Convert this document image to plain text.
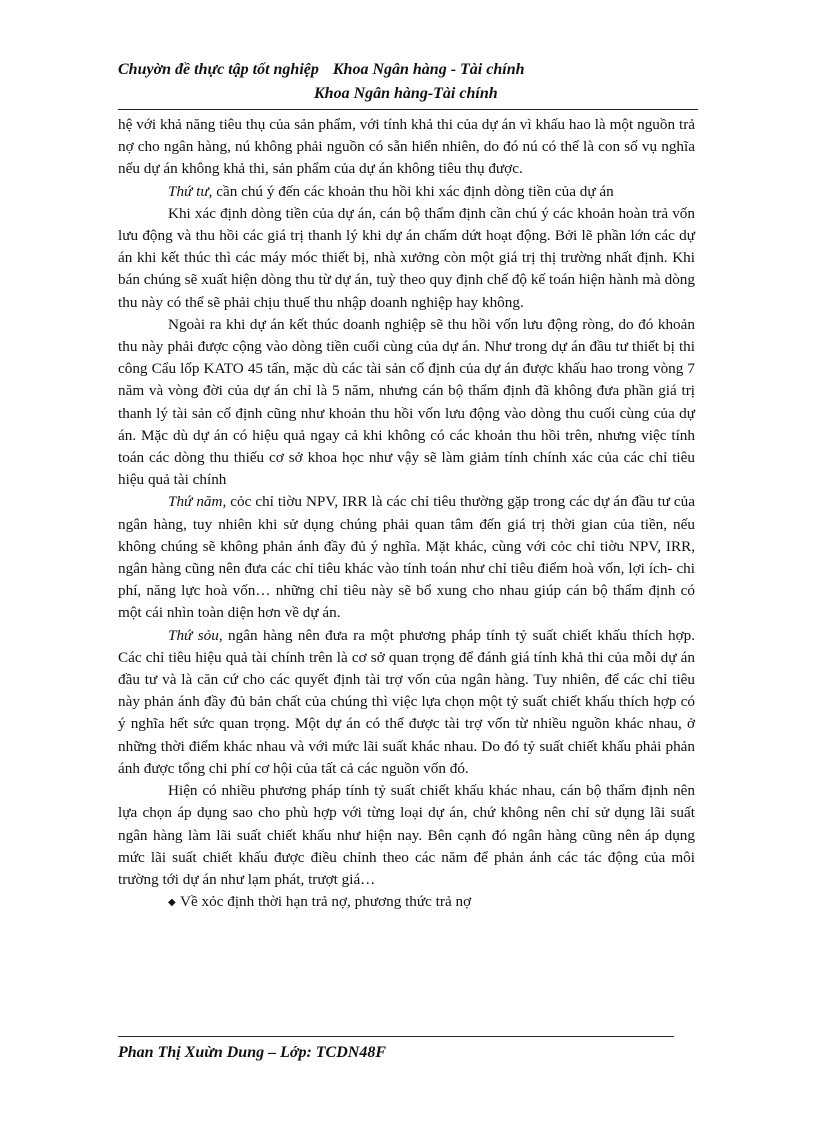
Chuyờn đề thực tập tốt nghiệp Khoa Ngân hàng - Tài chính
Khoa Ngân hàng-Tài chính

hệ với khả năng tiêu thụ của sản phẩm, với tính khả thi của dự án vì khấu hao là một nguồn trả nợ cho ngân hàng, nú không phải nguồn có sẵn hiển nhiên, do đó nú có thể là con số vụ nghĩa nếu dự án không khả thi, sản phẩm của dự án không tiêu thụ được.

Thứ tư, cần chú ý đến các khoản thu hồi khi xác định dòng tiền của dự án

Khi xác định dòng tiền của dự án, cán bộ thẩm định cần chú ý các khoản hoàn trả vốn lưu động và thu hồi các giá trị thanh lý khi dự án chấm dứt hoạt động. Bởi lẽ phần lớn các dự án khi kết thúc thì các máy móc thiết bị, nhà xưởng còn một giá trị thị trường nhất định. Khi bán chúng sẽ xuất hiện dòng thu từ dự án, tuỳ theo quy định chế độ kế toán hiện hành mà dòng thu này có thể sẽ phải chịu thuế thu nhập doanh nghiệp hay không.

Ngoài ra khi dự án kết thúc doanh nghiệp sẽ thu hồi vốn lưu động ròng, do đó khoản thu này phải được cộng vào dòng tiền cuối cùng của dự án. Như trong dự án đầu tư thiết bị thi công Cẩu lốp KATO 45 tấn, mặc dù các tài sản cố định của dự án được khấu hao trong vòng 7 năm và vòng đời của dự án chỉ là 5 năm, nhưng cán bộ thẩm định đã không đưa phần giá trị thanh lý tài sản cố định cũng như khoản thu hồi vốn lưu động vào dòng thu cuối cùng của dự án. Mặc dù dự án có hiệu quả ngay cả khi không có các khoản thu hồi trên, nhưng việc tính toán các dòng thu thiếu cơ sở khoa học như vậy sẽ làm giảm tính chính xác của các chỉ tiêu hiệu quả tài chính

Thứ năm, cỏc chỉ tiờu NPV, IRR là các chỉ tiêu thường gặp trong các dự án đầu tư của ngân hàng, tuy nhiên khi sử dụng chúng phải quan tâm đến giá trị thời gian của tiền, nếu không chúng sẽ không phản ánh đầy đủ ý nghĩa. Mặt khác, cùng với cỏc chỉ tiờu NPV, IRR, ngân hàng cũng nên đưa các chỉ tiêu khác vào tính toán như chỉ tiêu điểm hoà vốn, lợi ích- chi phí, năng lực hoà vốn… những chỉ tiêu này sẽ bổ xung cho nhau giúp cán bộ thẩm định có một cái nhìn toàn diện hơn về dự án.

Thứ sỏu, ngân hàng nên đưa ra một phương pháp tính tỷ suất chiết khấu thích hợp. Các chỉ tiêu hiệu quả tài chính trên là cơ sở quan trọng để đánh giá tính khả thi của mỗi dự án đầu tư và là căn cứ cho các quyết định tài trợ vốn của ngân hàng. Tuy nhiên, để các chỉ tiêu này phản ánh đầy đủ bản chất của chúng thì việc lựa chọn một tỷ suất chiết khấu thích hợp có ý nghĩa hết sức quan trọng. Một dự án có thể được tài trợ vốn từ nhiều nguồn khác nhau, ở những thời điểm khác nhau và với mức lãi suất khác nhau. Do đó tỷ suất chiết khấu phải phản ánh được tổng chi phí cơ hội của tất cả các nguồn vốn đó.

Hiện có nhiều phương pháp tính tỷ suất chiết khấu khác nhau, cán bộ thẩm định nên lựa chọn áp dụng sao cho phù hợp với từng loại dự án, chứ không nên chỉ sử dụng lãi suất ngân hàng làm lãi suất chiết khấu như hiện nay. Bên cạnh đó ngân hàng cũng nên áp dụng mức lãi suất chiết khấu được điều chỉnh theo các năm để phản ánh các tác động của môi trường tới dự án như lạm phát, trượt giá…

◆ Về xỏc định thời hạn trả nợ, phương thức trả nợ

Phan Thị Xuừn Dung – Lớp: TCDN48F
